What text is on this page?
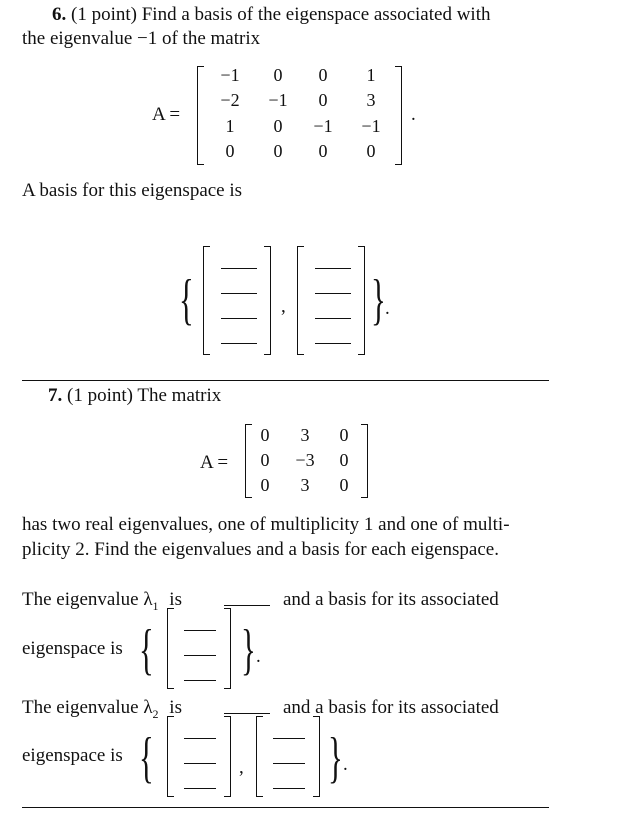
6. (1 point) Find a basis of the eigenspace associated with
the eigenvalue −1 of the matrix
A =
−1	0	0	1
−2	−1	0	3
1	0	−1	−1
0	0	0	0
.
A basis for this eigenspace is
{	, } .
7. (1 point) The matrix
A =
0	3	0
0	−3	0
0	3	0
has two real eigenvalues, one of multiplicity 1 and one of multi-
plicity 2. Find the eigenvalues and a basis for each eigenspace.
The eigenvalue $\lambda_1$ is	and a basis for its associated
eigenspace is { } .
The eigenvalue $\lambda_2$ is	and a basis for its associated
eigenspace is {	, } .
